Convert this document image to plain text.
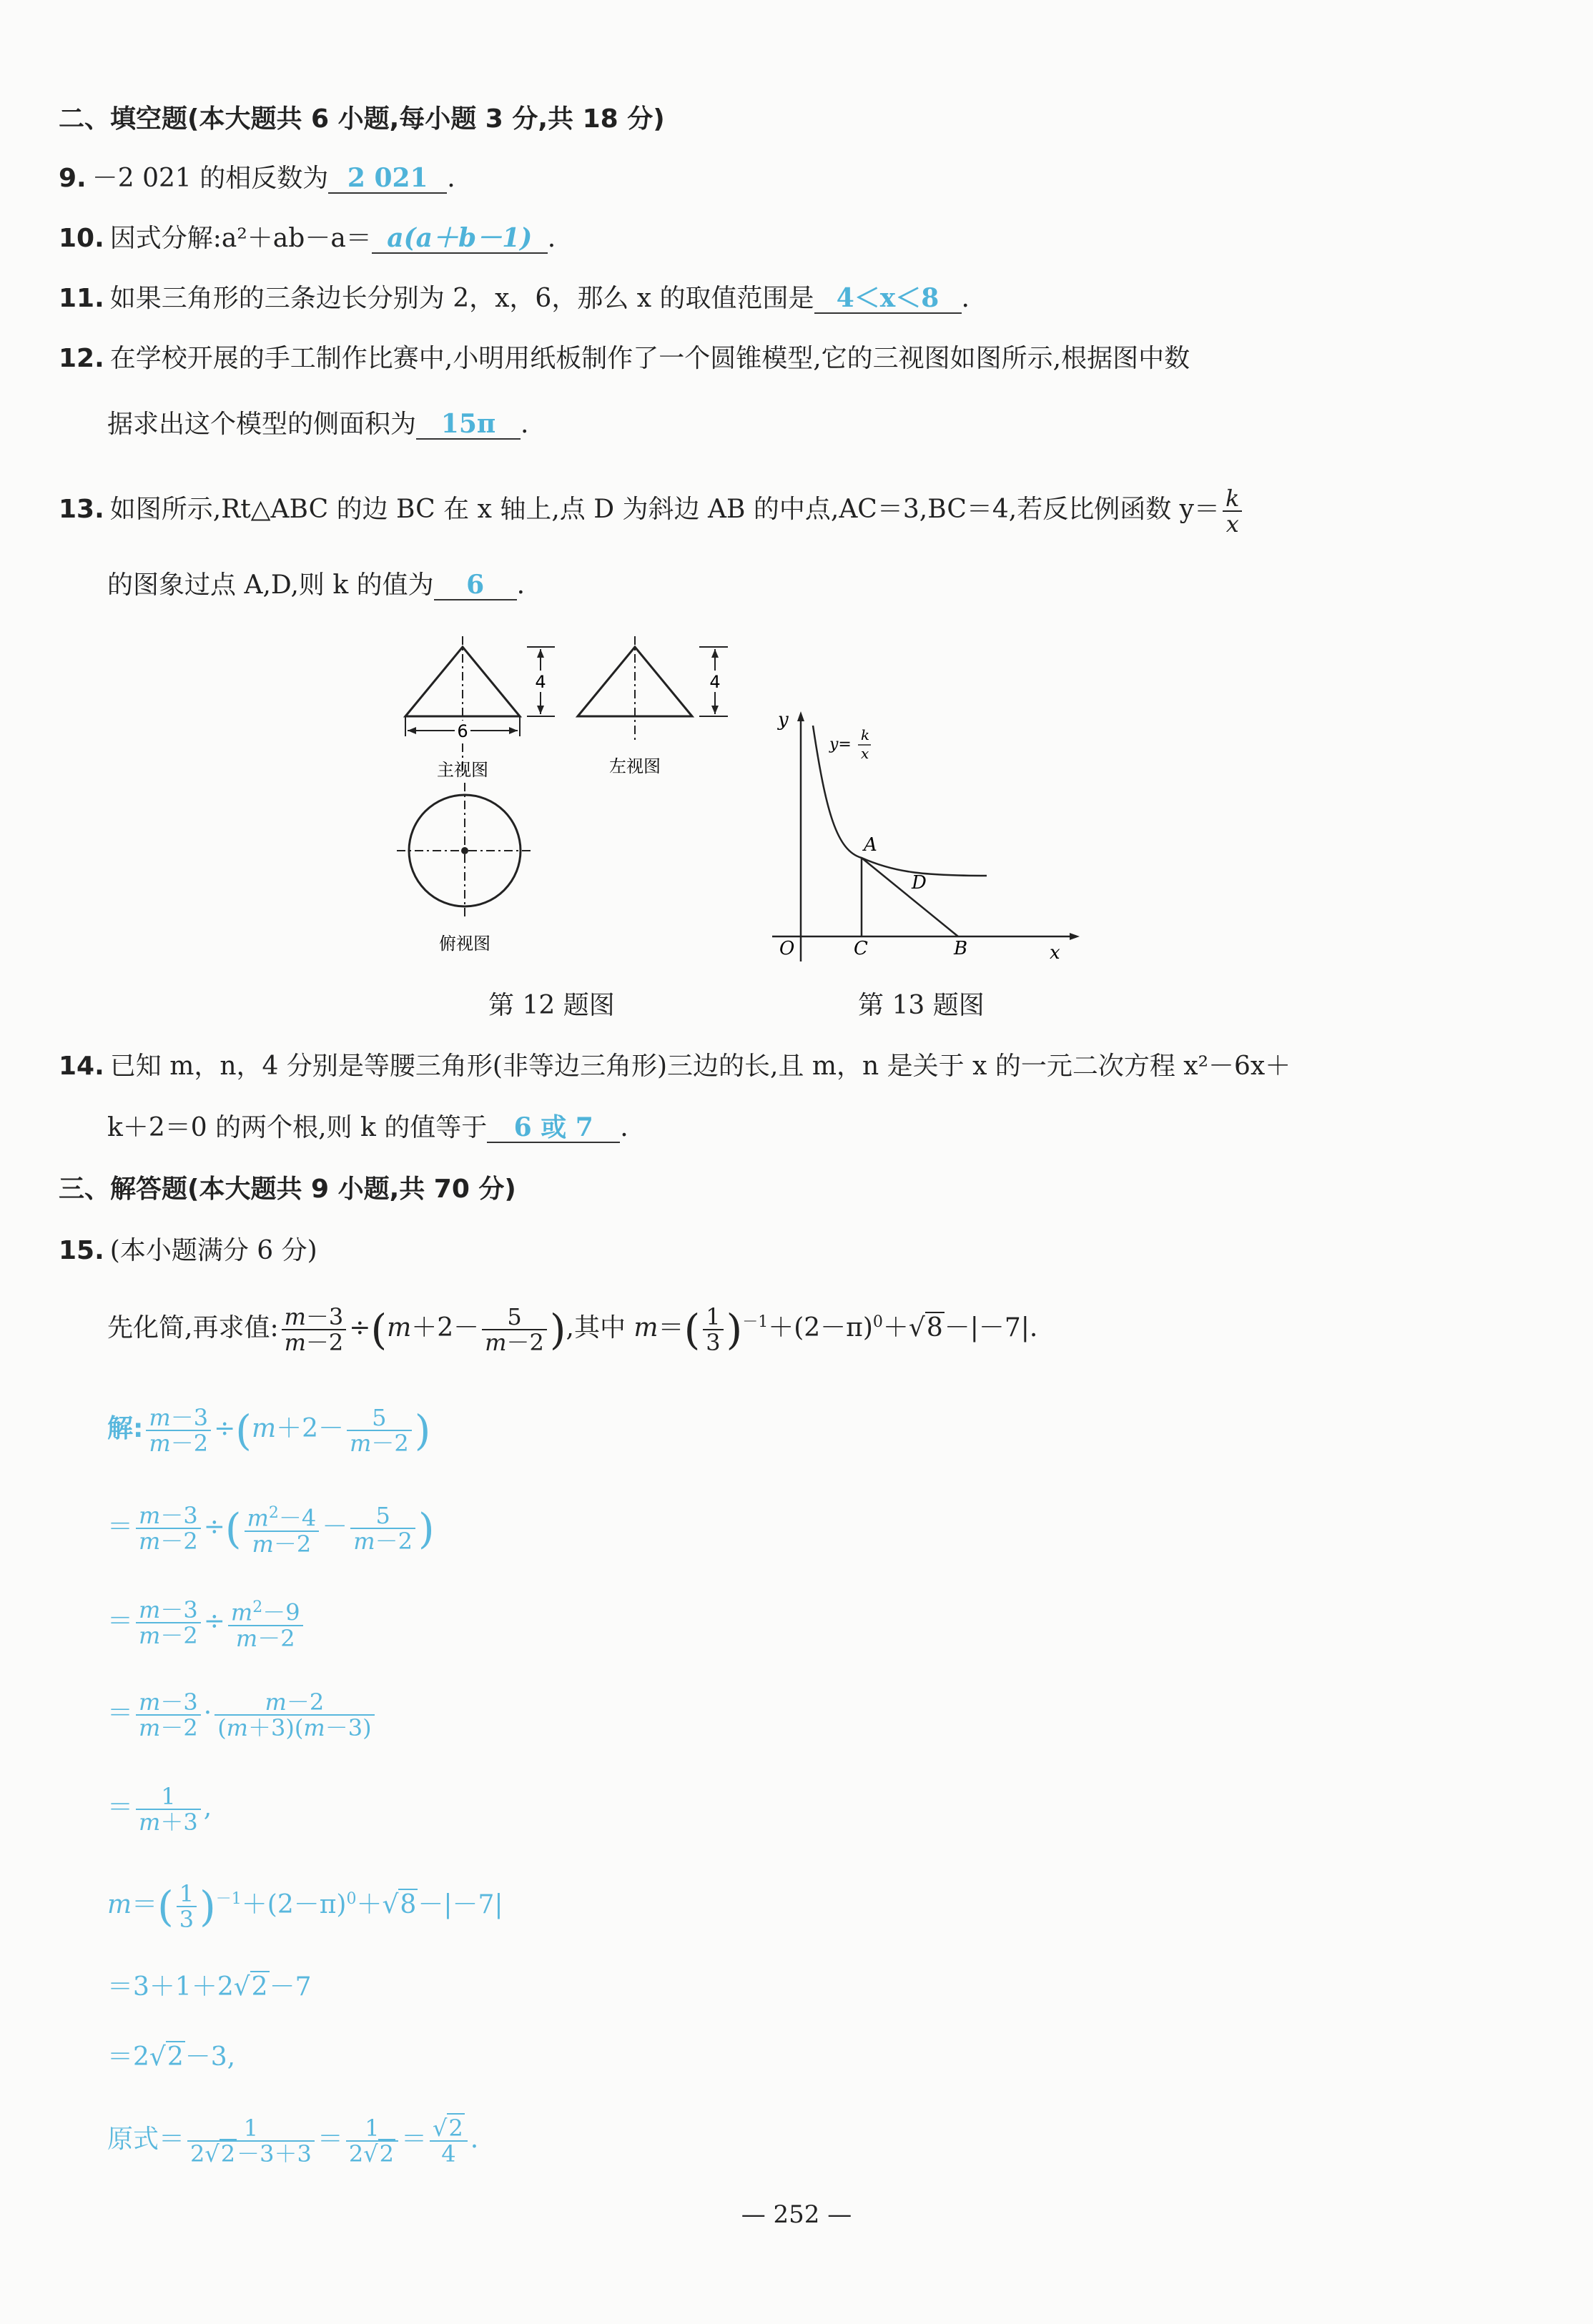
二、填空题(本大题共 6 小题,每小题 3 分,共 18 分)
9. －2 021 的相反数为 2 021 .
10. 因式分解:a²＋ab－a＝ a(a＋b－1) .
11. 如果三角形的三条边长分别为 2，x，6，那么 x 的取值范围是 4＜x＜8 .
12. 在学校开展的手工制作比赛中,小明用纸板制作了一个圆锥模型,它的三视图如图所示,根据图中数
据求出这个模型的侧面积为 15π .
13. 如图所示,Rt△ABC 的边 BC 在 x 轴上,点 D 为斜边 AB 的中点,AC＝3,BC＝4,若反比例函数 $y= \frac{k}{x}$
的图象过点 A,D,则 k 的值为 6 .
6
4
主视图
4
左视图
俯视图
y
x
O	C	B
A
D
y=
k
x
第 12 题图	第 13 题图
14. 已知 m，n，4 分别是等腰三角形(非等边三角形)三边的长,且 m，n 是关于 x 的一元二次方程 x²－6x＋
k＋2＝0 的两个根,则 k 的值等于 6 或 7 .
三、解答题(本大题共 9 小题,共 70 分)
15. (本小题满分 6 分)
先化简,再求值: $\frac{m-3}{m-2} \div(m+2- \frac{5}{m-2}$ ),其中 $m=( \frac{1}{3} )^{-1}+(2-\pi)^0+√8-|-7|$.
解: $\frac{m-3}{m-2} \div(m+2- \frac{5}{m-2}$ )
＝ $\frac{m-3}{m-2}$ ÷( $\frac{m^2-4}{m-2} - \frac{5}{m-2}$ )
＝ $\frac{m-3}{m-2} \div \frac{m^2-9}{m-2}$
＝ $\frac{m-3}{m-2} \cdot \frac{m-2}{(m+3)(m-3)}$
＝ $\frac{1}{m+3}$ ,
$m=( \frac{1}{3} )^{-1}+(2-\pi)^0+√8-|-7|$
＝3＋1＋2√2－7
＝2√2－3,
原式＝ $\frac{1}{2√2-3+3} = \frac{1}{2√2} = \frac{√2}{4}$ .
— 252 —
